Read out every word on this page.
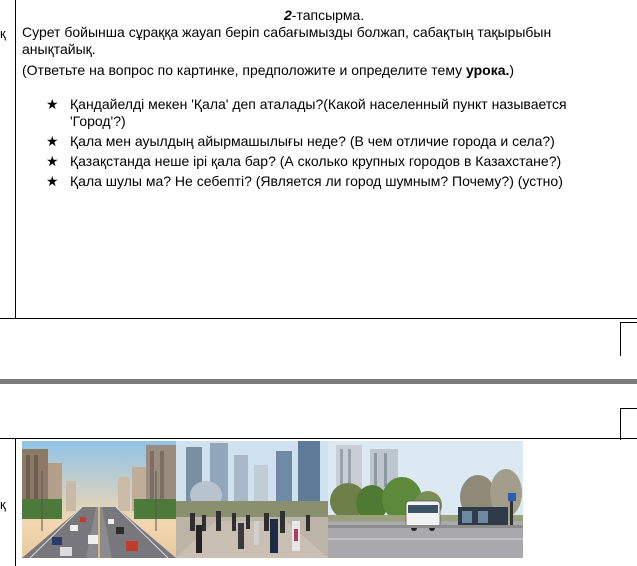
қ
қ
2-тапсырма.
Сурет бойынша сұраққа жауап беріп сабағымызды болжап, сабақтың тақырыбын анықтайық.
(Ответьте на вопрос по картинке, предположите и определите тему урока.)
★ Қандайелді мекен 'Қала' деп аталады?(Какой населенный пункт называется 'Город'?)
★ Қала мен ауылдың айырмашылығы неде? (В чем отличие города и села?)
★ Қазақстанда неше ірі қала бар? (А сколько крупных городов в Казахстане?)
★ Қала шулы ма? Не себепті? (Является ли город шумным? Почему?) (устно)
